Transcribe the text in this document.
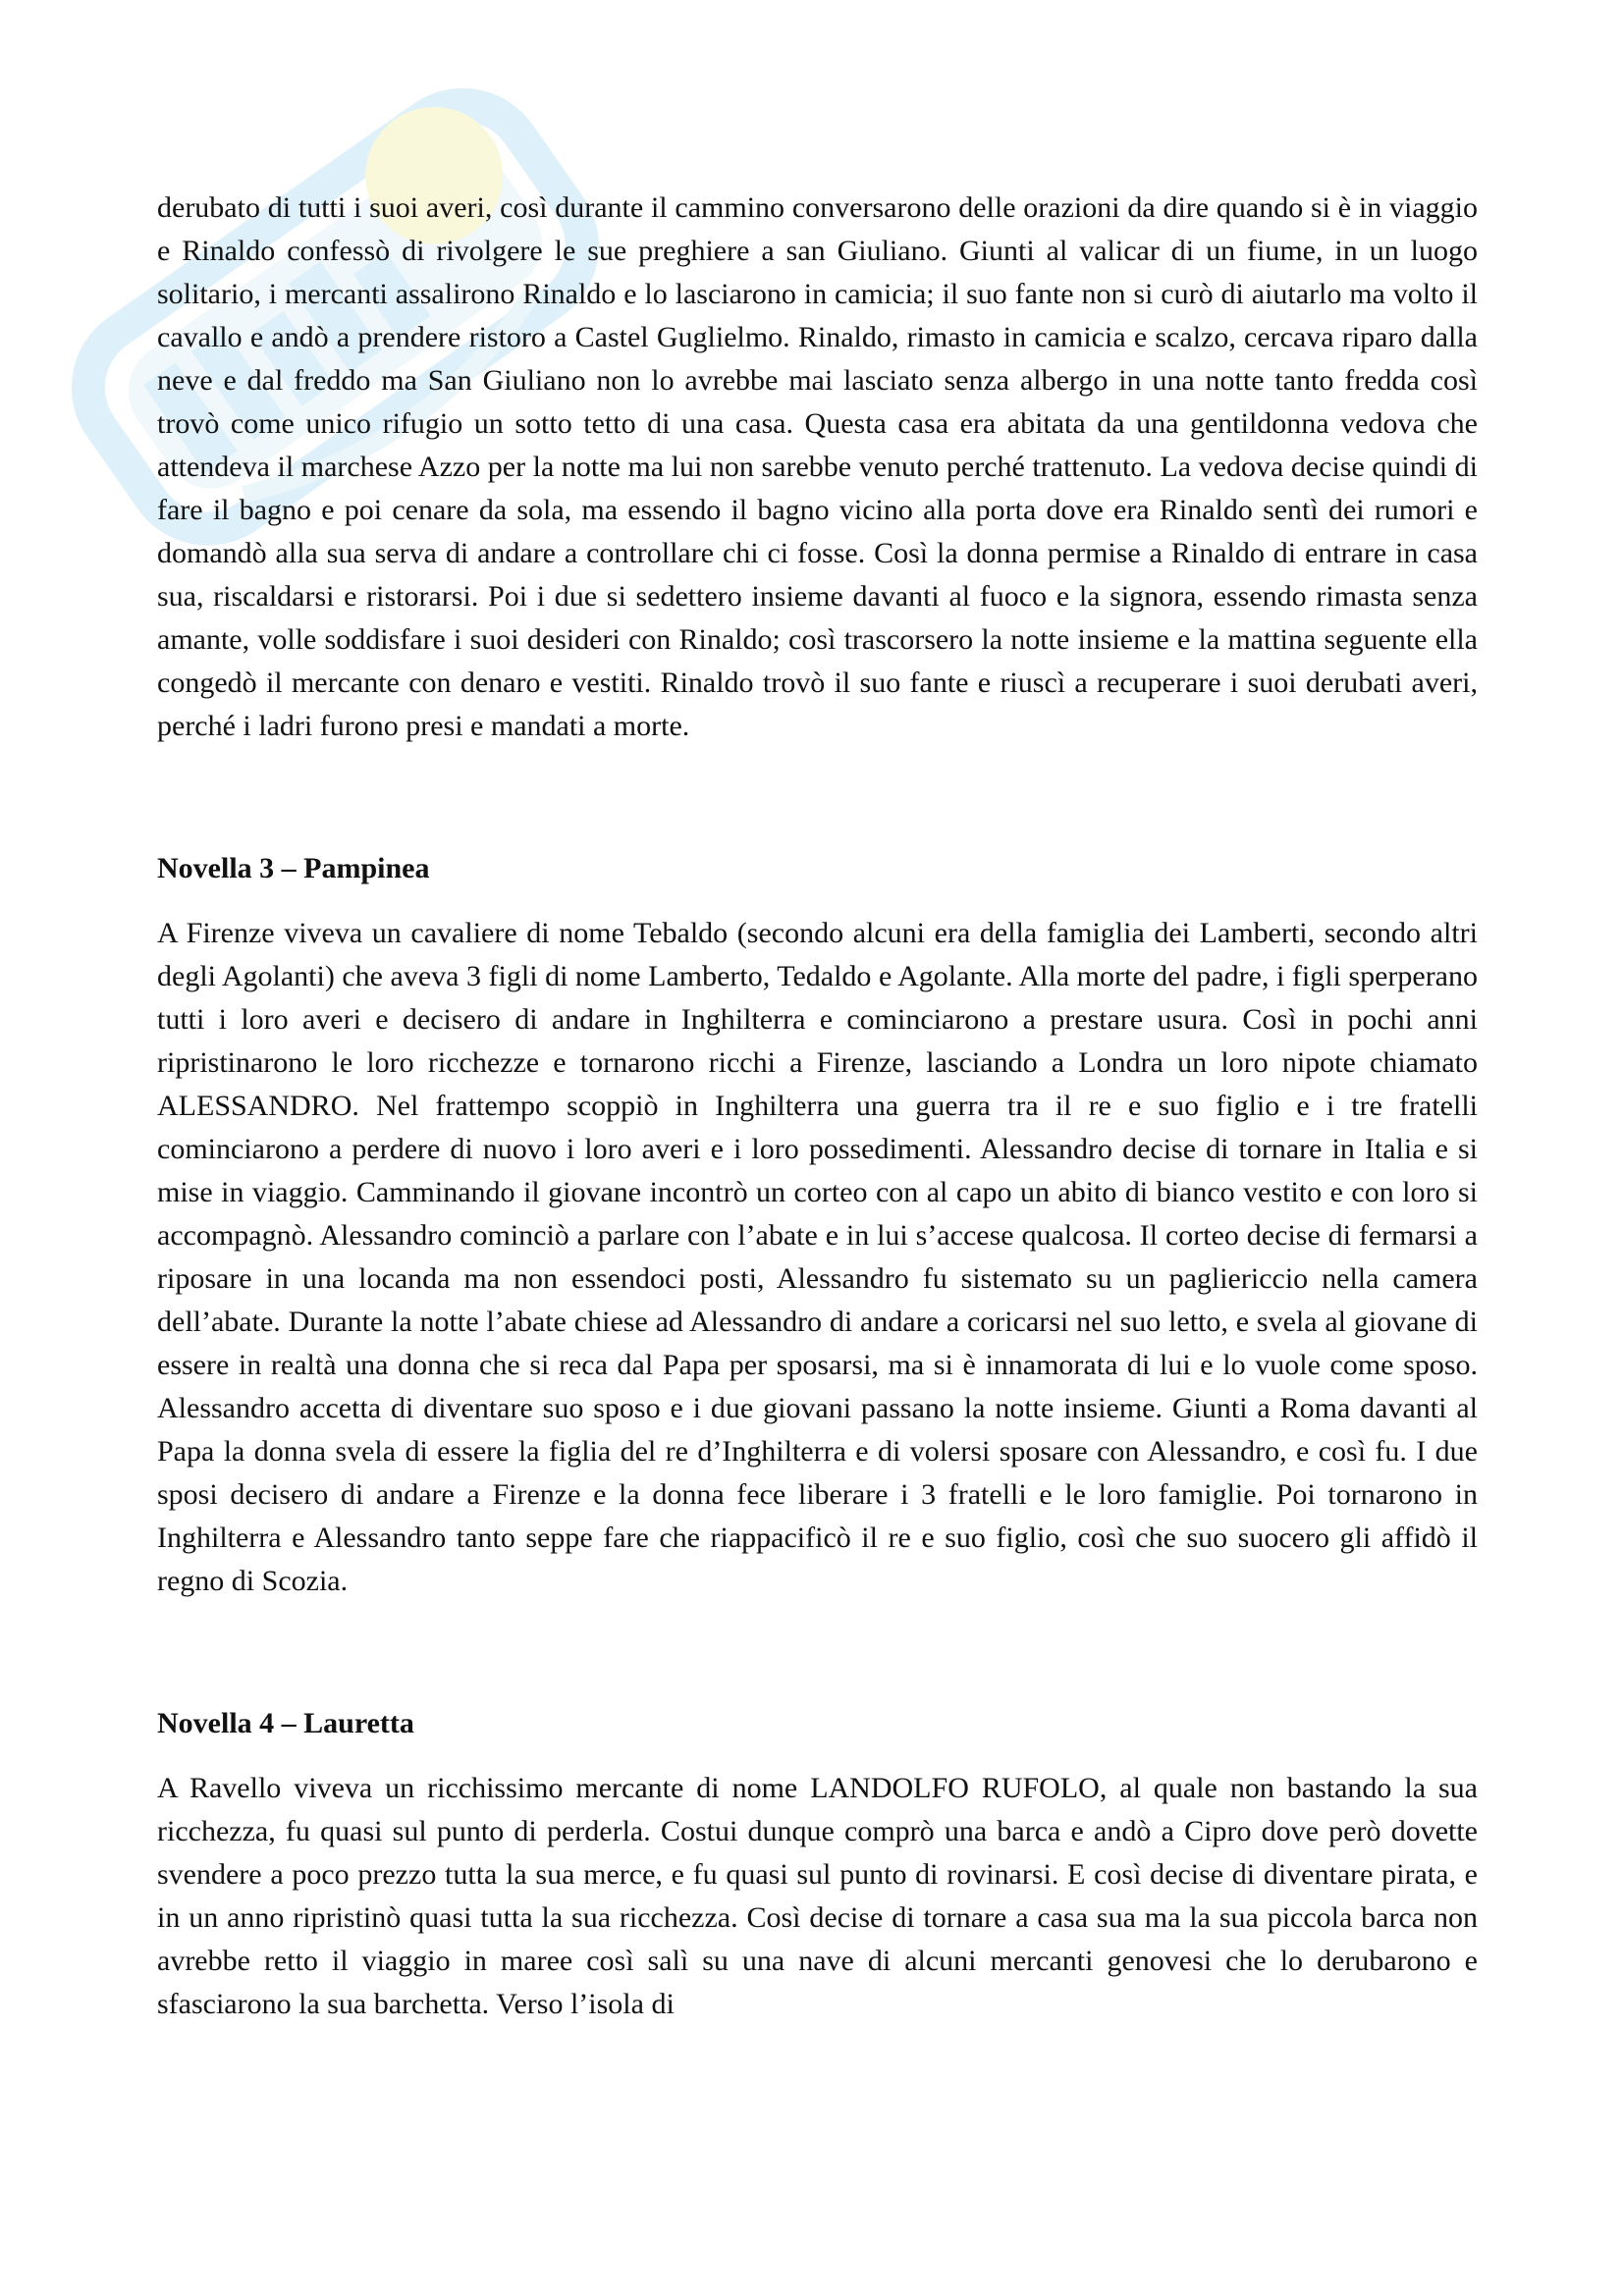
derubato di tutti i suoi averi, così durante il cammino conversarono delle orazioni da dire quando si è in viaggio e Rinaldo confessò di rivolgere le sue preghiere a san Giuliano. Giunti al valicar di un fiume, in un luogo solitario, i mercanti assalirono Rinaldo e lo lasciarono in camicia; il suo fante non si curò di aiutarlo ma volto il cavallo e andò a prendere ristoro a Castel Guglielmo. Rinaldo, rimasto in camicia e scalzo, cercava riparo dalla neve e dal freddo ma San Giuliano non lo avrebbe mai lasciato senza albergo in una notte tanto fredda così trovò come unico rifugio un sotto tetto di una casa. Questa casa era abitata da una gentildonna vedova che attendeva il marchese Azzo per la notte ma lui non sarebbe venuto perché trattenuto. La vedova decise quindi di fare il bagno e poi cenare da sola, ma essendo il bagno vicino alla porta dove era Rinaldo sentì dei rumori e domandò alla sua serva di andare a controllare chi ci fosse. Così la donna permise a Rinaldo di entrare in casa sua, riscaldarsi e ristorarsi. Poi i due si sedettero insieme davanti al fuoco e la signora, essendo rimasta senza amante, volle soddisfare i suoi desideri con Rinaldo; così trascorsero la notte insieme e la mattina seguente ella congedò il mercante con denaro e vestiti. Rinaldo trovò il suo fante e riuscì a recuperare i suoi derubati averi, perché i ladri furono presi e mandati a morte.

Novella 3 – Pampinea

A Firenze viveva un cavaliere di nome Tebaldo (secondo alcuni era della famiglia dei Lamberti, secondo altri degli Agolanti) che aveva 3 figli di nome Lamberto, Tedaldo e Agolante. Alla morte del padre, i figli sperperano tutti i loro averi e decisero di andare in Inghilterra e cominciarono a prestare usura. Così in pochi anni ripristinarono le loro ricchezze e tornarono ricchi a Firenze, lasciando a Londra un loro nipote chiamato ALESSANDRO. Nel frattempo scoppiò in Inghilterra una guerra tra il re e suo figlio e i tre fratelli cominciarono a perdere di nuovo i loro averi e i loro possedimenti. Alessandro decise di tornare in Italia e si mise in viaggio. Camminando il giovane incontrò un corteo con al capo un abito di bianco vestito e con loro si accompagnò. Alessandro cominciò a parlare con l’abate e in lui s’accese qualcosa. Il corteo decise di fermarsi a riposare in una locanda ma non essendoci posti, Alessandro fu sistemato su un pagliericcio nella camera dell’abate. Durante la notte l’abate chiese ad Alessandro di andare a coricarsi nel suo letto, e svela al giovane di essere in realtà una donna che si reca dal Papa per sposarsi, ma si è innamorata di lui e lo vuole come sposo. Alessandro accetta di diventare suo sposo e i due giovani passano la notte insieme. Giunti a Roma davanti al Papa la donna svela di essere la figlia del re d’Inghilterra e di volersi sposare con Alessandro, e così fu. I due sposi decisero di andare a Firenze e la donna fece liberare i 3 fratelli e le loro famiglie. Poi tornarono in Inghilterra e Alessandro tanto seppe fare che riappacificò il re e suo figlio, così che suo suocero gli affidò il regno di Scozia.

Novella 4 – Lauretta

A Ravello viveva un ricchissimo mercante di nome LANDOLFO RUFOLO, al quale non bastando la sua ricchezza, fu quasi sul punto di perderla. Costui dunque comprò una barca e andò a Cipro dove però dovette svendere a poco prezzo tutta la sua merce, e fu quasi sul punto di rovinarsi. E così decise di diventare pirata, e in un anno ripristinò quasi tutta la sua ricchezza. Così decise di tornare a casa sua ma la sua piccola barca non avrebbe retto il viaggio in maree così salì su una nave di alcuni mercanti genovesi che lo derubarono e sfasciarono la sua barchetta. Verso l’isola di
